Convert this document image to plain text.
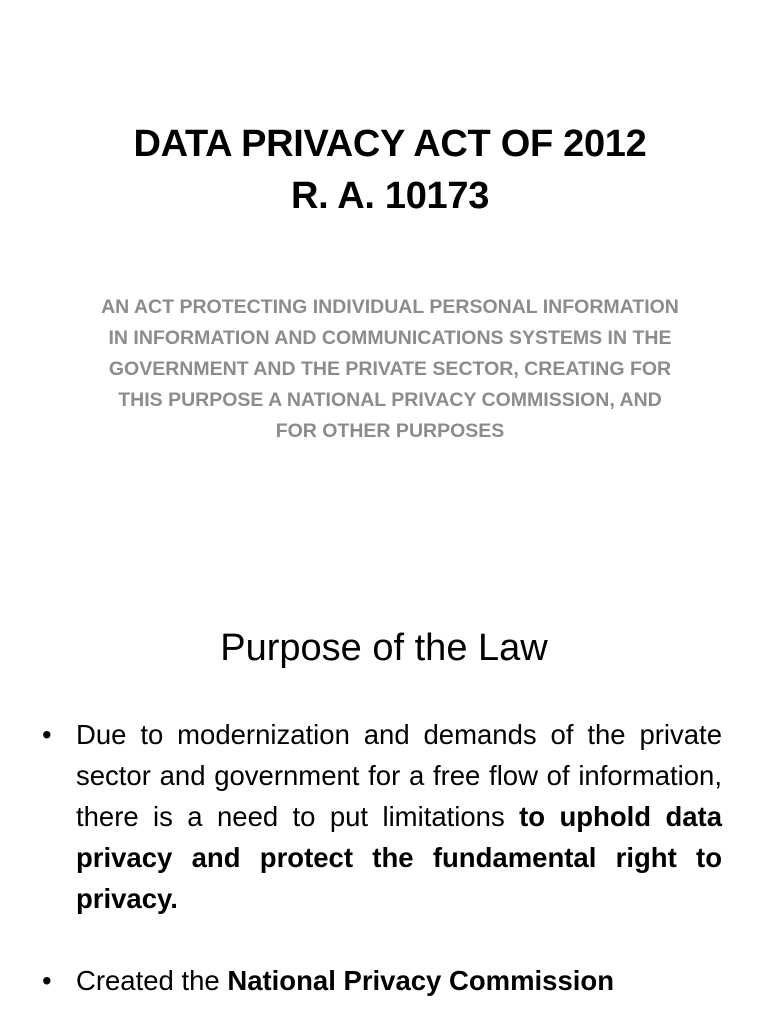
DATA PRIVACY ACT OF 2012
R. A. 10173

AN ACT PROTECTING INDIVIDUAL PERSONAL INFORMATION IN INFORMATION AND COMMUNICATIONS SYSTEMS IN THE GOVERNMENT AND THE PRIVATE SECTOR, CREATING FOR THIS PURPOSE A NATIONAL PRIVACY COMMISSION, AND FOR OTHER PURPOSES

Purpose of the Law
• Due to modernization and demands of the private sector and government for a free flow of information, there is a need to put limitations to uphold data privacy and protect the fundamental right to privacy.
• Created the National Privacy Commission
